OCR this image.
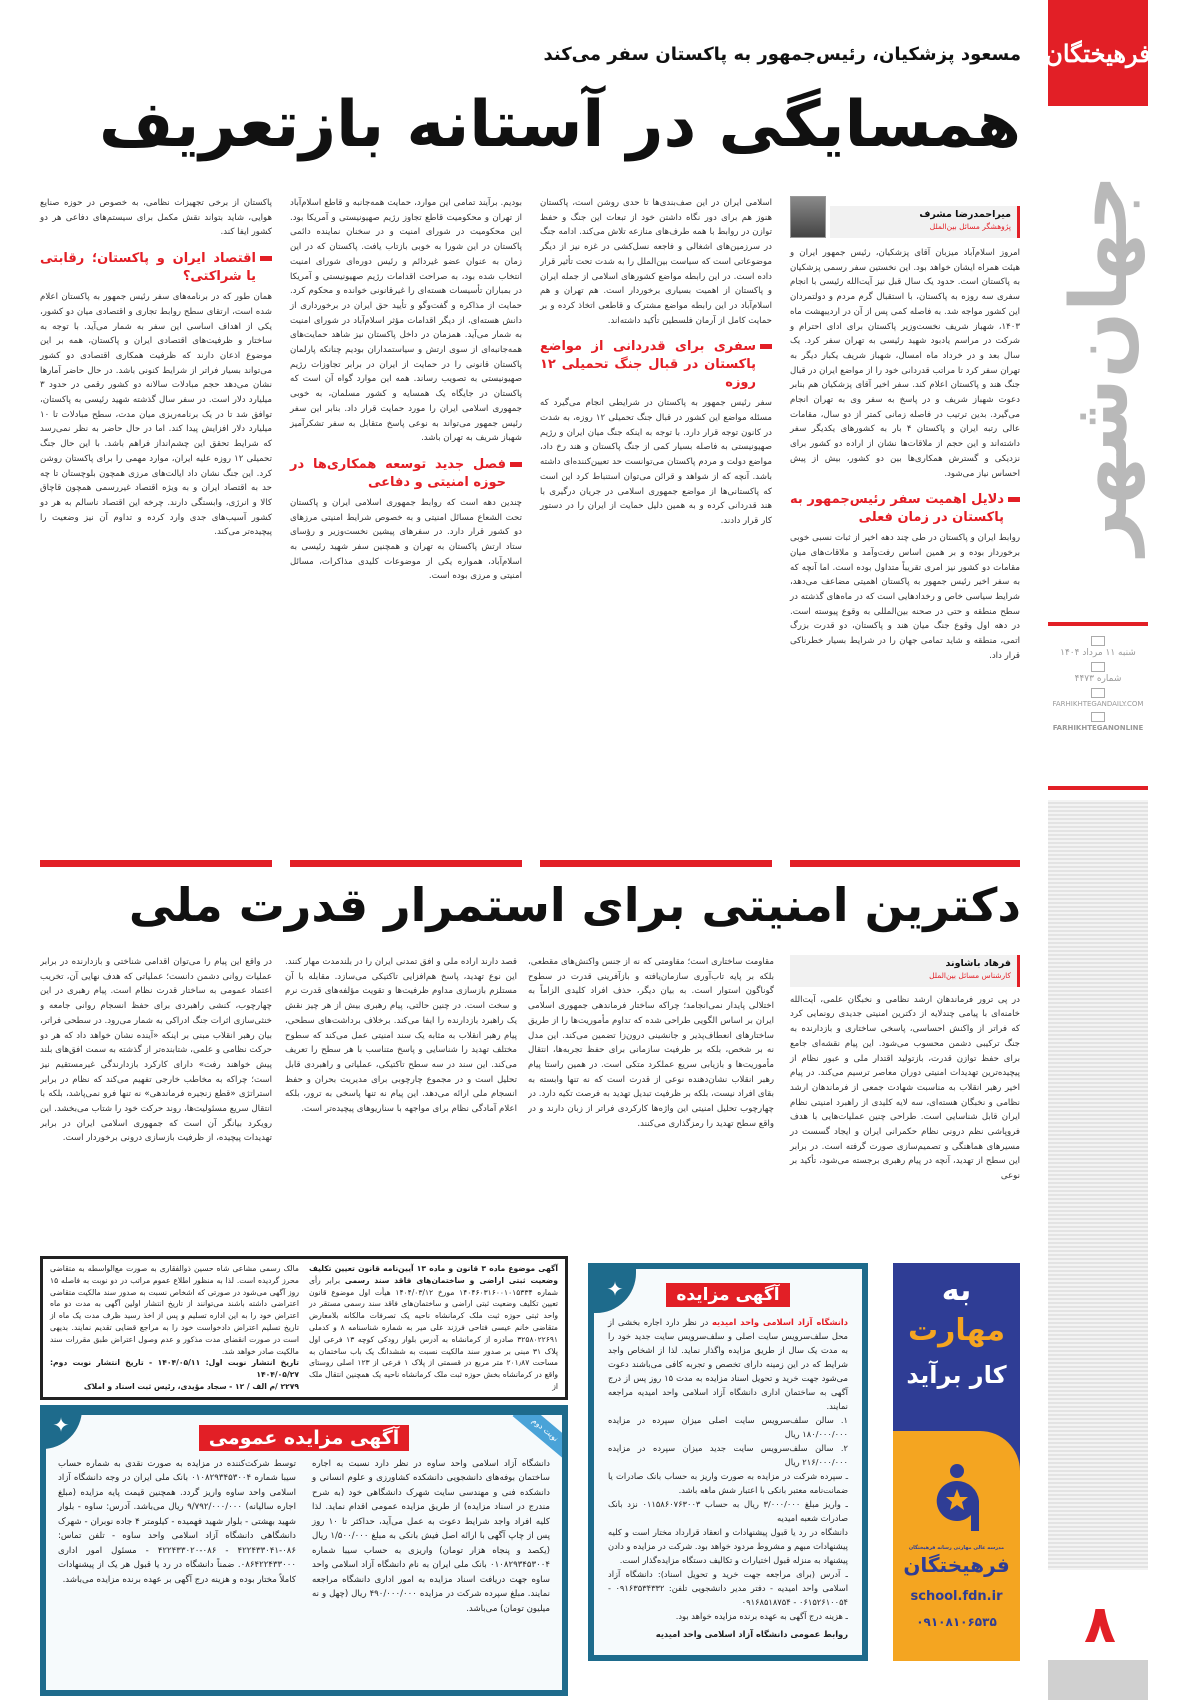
فرهیختگان
جهان‌شهر
شنبه ۱۱ مرداد ۱۴۰۴
شماره ۴۴۷۳
FARHIKHTEGANDAILY.COM
FARHIKHTEGANONLINE
۸
مسعود پزشکیان، رئیس‌جمهور به پاکستان سفر می‌کند
همسایگی در آستانه بازتعریف
میراحمدرضا مشرف
پژوهشگر مسائل بین‌الملل

امروز اسلام‌آباد میزبان آقای پزشکیان، رئیس جمهور ایران و هیئت همراه ایشان خواهد بود. این نخستین سفر رسمی پزشکیان به پاکستان است. حدود یک سال قبل نیز آیت‌الله رئیسی با انجام سفری سه روزه به پاکستان، با استقبال گرم مردم و دولتمردان این کشور مواجه شد. به فاصله کمی پس از آن در اردیبهشت ماه ۱۴۰۳، شهباز شریف نخست‌وزیر پاکستان برای ادای احترام و شرکت در مراسم یادبود شهید رئیسی به تهران سفر کرد. یک سال بعد و در خرداد ماه امسال، شهباز شریف یکبار دیگر به تهران سفر کرد تا مراتب قدردانی خود را از مواضع ایران در قبال جنگ هند و پاکستان اعلام کند. سفر اخیر آقای پزشکیان هم بنابر دعوت شهباز شریف و در پاسخ به سفر وی به تهران انجام می‌گیرد. بدین ترتیب در فاصله زمانی کمتر از دو سال، مقامات عالی رتبه ایران و پاکستان ۴ بار به کشورهای یکدیگر سفر داشته‌اند و این حجم از ملاقات‌ها نشان از اراده دو کشور برای نزدیکی و گسترش همکاری‌ها بین دو کشور، بیش از پیش احساس نیاز می‌شود.

دلایل اهمیت سفر رئیس‌جمهور به پاکستان در زمان فعلی

روابط ایران و پاکستان در طی چند دهه اخیر از ثبات نسبی خوبی برخوردار بوده و بر همین اساس رفت‌وآمد و ملاقات‌های میان مقامات دو کشور نیز امری تقریباً متداول بوده است. اما آنچه که به سفر اخیر رئیس جمهور به پاکستان اهمیتی مضاعف می‌دهد، شرایط سیاسی خاص و رخدادهایی است که در ماه‌های گذشته در سطح منطقه و حتی در صحنه بین‌المللی به وقوع پیوسته است. در دهه اول وقوع جنگ میان هند و پاکستان، دو قدرت بزرگ اتمی، منطقه و شاید تمامی جهان را در شرایط بسیار خطرناکی قرار داد.

اسلامی ایران در این صف‌بندی‌ها تا حدی روشن است، پاکستان هنوز هم برای دور نگاه داشتن خود از تبعات این جنگ و حفظ توازن در روابط با همه طرف‌های منازعه تلاش می‌کند. ادامه جنگ در سرزمین‌های اشغالی و فاجعه نسل‌کشی در غزه نیز از دیگر موضوعاتی است که سیاست بین‌الملل را به شدت تحت تأثیر قرار داده است. در این رابطه مواضع کشورهای اسلامی از جمله ایران و پاکستان از اهمیت بسیاری برخوردار است. هم تهران و هم اسلام‌آباد در این رابطه مواضع مشترک و قاطعی اتخاذ کرده و بر حمایت کامل از آرمان فلسطین تأکید داشته‌اند.

سفری برای قدردانی از مواضع پاکستان در قبال جنگ تحمیلی ۱۲ روزه

سفر رئیس جمهور به پاکستان در شرایطی انجام می‌گیرد که مسئله مواضع این کشور در قبال جنگ تحمیلی ۱۲ روزه، به شدت در کانون توجه قرار دارد. با توجه به اینکه جنگ میان ایران و رژیم صهیونیستی به فاصله بسیار کمی از جنگ پاکستان و هند رخ داد، مواضع دولت و مردم پاکستان می‌توانست حد تعیین‌کننده‌ای داشته باشد. آنچه که از شواهد و قرائن می‌توان استنباط کرد این است که پاکستانی‌ها از مواضع جمهوری اسلامی در جریان درگیری با هند قدردانی کرده و به همین دلیل حمایت از ایران را در دستور کار قرار دادند.

بودیم. برآیند تمامی این موارد، حمایت همه‌جانبه و قاطع اسلام‌آباد از تهران و محکومیت قاطع تجاوز رژیم صهیونیستی و آمریکا بود. این محکومیت در شورای امنیت و در سخنان نماینده دائمی پاکستان در این شورا به خوبی بازتاب یافت. پاکستان که در این زمان به عنوان عضو غیردائم و رئیس دوره‌ای شورای امنیت انتخاب شده بود، به صراحت اقدامات رژیم صهیونیستی و آمریکا در بمباران تأسیسات هسته‌ای را غیرقانونی خوانده و محکوم کرد. حمایت از مذاکره و گفت‌وگو و تأیید حق ایران در برخورداری از دانش هسته‌ای، از دیگر اقدامات مؤثر اسلام‌آباد در شورای امنیت به شمار می‌آید. همزمان در داخل پاکستان نیز شاهد حمایت‌های همه‌جانبه‌ای از سوی ارتش و سیاستمداران بودیم چنانکه پارلمان پاکستان قانونی را در حمایت از ایران در برابر تجاوزات رژیم صهیونیستی به تصویب رساند. همه این موارد گواه آن است که پاکستان در جایگاه یک همسایه و کشور مسلمان، به خوبی جمهوری اسلامی ایران را مورد حمایت قرار داد. بنابر این سفر رئیس جمهور می‌تواند به نوعی پاسخ متقابل به سفر تشکرآمیز شهباز شریف به تهران باشد.

فصل جدید توسعه همکاری‌ها در حوزه امنیتی و دفاعی

چندین دهه است که روابط جمهوری اسلامی ایران و پاکستان تحت الشعاع مسائل امنیتی و به خصوص شرایط امنیتی مرزهای دو کشور قرار دارد. در سفرهای پیشین نخست‌وزیر و رؤسای ستاد ارتش پاکستان به تهران و همچنین سفر شهید رئیسی به اسلام‌آباد، همواره یکی از موضوعات کلیدی مذاکرات، مسائل امنیتی و مرزی بوده است.

پاکستان از برخی تجهیزات نظامی، به خصوص در حوزه صنایع هوایی، شاید بتواند نقش مکمل برای سیستم‌های دفاعی هر دو کشور ایفا کند.

اقتصاد ایران و پاکستان؛ رقابتی یا شراکتی؟

همان طور که در برنامه‌های سفر رئیس جمهور به پاکستان اعلام شده است، ارتقای سطح روابط تجاری و اقتصادی میان دو کشور، یکی از اهداف اساسی این سفر به شمار می‌آید. با توجه به ساختار و ظرفیت‌های اقتصادی ایران و پاکستان، همه بر این موضوع اذعان دارند که ظرفیت همکاری اقتصادی دو کشور می‌تواند بسیار فراتر از شرایط کنونی باشد. در حال حاضر آمارها نشان می‌دهد حجم مبادلات سالانه دو کشور رقمی در حدود ۳ میلیارد دلار است. در سفر سال گذشته شهید رئیسی به پاکستان، توافق شد تا در یک برنامه‌ریزی میان مدت، سطح مبادلات تا ۱۰ میلیارد دلار افزایش پیدا کند. اما در حال حاضر به نظر نمی‌رسد که شرایط تحقق این چشم‌انداز فراهم باشد. با این حال جنگ تحمیلی ۱۲ روزه علیه ایران، موارد مهمی را برای پاکستان روشن کرد. این جنگ نشان داد ایالت‌های مرزی همچون بلوچستان تا چه حد به اقتصاد ایران و به ویژه اقتصاد غیررسمی همچون قاچاق کالا و انرژی، وابستگی دارند. چرخه این اقتصاد ناسالم به هر دو کشور آسیب‌های جدی وارد کرده و تداوم آن نیز وضعیت را پیچیده‌تر می‌کند.

دکترین امنیتی برای استمرار قدرت ملی
فرهاد باشاوند
کارشناس مسائل بین‌الملل

در پی ترور فرماندهان ارشد نظامی و نخبگان علمی، آیت‌الله خامنه‌ای با پیامی چندلایه از دکترین امنیتی جدیدی رونمایی کرد که فراتر از واکنش احساسی، پاسخی ساختاری و بازدارنده به جنگ ترکیبی دشمن محسوب می‌شود. این پیام نقشه‌ای جامع برای حفظ توازن قدرت، بازتولید اقتدار ملی و عبور نظام از پیچیده‌ترین تهدیدات امنیتی دوران معاصر ترسیم می‌کند. در پیام اخیر رهبر انقلاب به مناسبت شهادت جمعی از فرماندهان ارشد نظامی و نخبگان هسته‌ای، سه لایه کلیدی از راهبرد امنیتی نظام ایران قابل شناسایی است. طراحی چنین عملیات‌هایی با هدف فروپاشی نظم درونی نظام حکمرانی ایران و ایجاد گسست در مسیرهای هماهنگی و تصمیم‌سازی صورت گرفته است. در برابر این سطح از تهدید، آنچه در پیام رهبری برجسته می‌شود، تأکید بر نوعی

مقاومت ساختاری است؛ مقاومتی که نه از جنس واکنش‌های مقطعی، بلکه بر پایه تاب‌آوری سازمان‌یافته و بازآفرینی قدرت در سطوح گوناگون استوار است. به بیان دیگر، حذف افراد کلیدی الزاماً به اختلالی پایدار نمی‌انجامد؛ چراکه ساختار فرماندهی جمهوری اسلامی ایران بر اساس الگویی طراحی شده که تداوم مأموریت‌ها را از طریق ساختارهای انعطاف‌پذیر و جانشینی درون‌زا تضمین می‌کند. این مدل نه بر شخص، بلکه بر ظرفیت سازمانی برای حفظ تجربه‌ها، انتقال مأموریت‌ها و بازیابی سریع عملکرد متکی است. در همین راستا پیام رهبر انقلاب نشان‌دهنده نوعی از قدرت است که نه تنها وابسته به بقای افراد نیست، بلکه بر ظرفیت تبدیل تهدید به فرصت تکیه دارد. در چهارچوب تحلیل امنیتی این واژه‌ها کارکردی فراتر از زبان دارند و در واقع سطح تهدید را رمزگذاری می‌کنند.

قصد دارند اراده ملی و افق تمدنی ایران را در بلندمدت مهار کنند. این نوع تهدید، پاسخ هم‌افزایی تاکتیکی می‌سازد. مقابله با آن مستلزم بازسازی مداوم ظرفیت‌ها و تقویت مؤلفه‌های قدرت نرم و سخت است. در چنین حالتی، پیام رهبری بیش از هر چیز نقش یک راهبرد بازدارنده را ایفا می‌کند. برخلاف برداشت‌های سطحی، پیام رهبر انقلاب به مثابه یک سند امنیتی عمل می‌کند که سطوح مختلف تهدید را شناسایی و پاسخ متناسب با هر سطح را تعریف می‌کند. این سند در سه سطح تاکتیکی، عملیاتی و راهبردی قابل تحلیل است و در مجموع چارچوبی برای مدیریت بحران و حفظ انسجام ملی ارائه می‌دهد. این پیام نه تنها پاسخی به ترور، بلکه اعلام آمادگی نظام برای مواجهه با سناریوهای پیچیده‌تر است.

در واقع این پیام را می‌توان اقدامی شناختی و بازدارنده در برابر عملیات روانی دشمن دانست؛ عملیاتی که هدف نهایی آن، تخریب اعتماد عمومی به ساختار قدرت نظام است. پیام رهبری در این چهارچوب، کنشی راهبردی برای حفظ انسجام روانی جامعه و خنثی‌سازی اثرات جنگ ادراکی به شمار می‌رود. در سطحی فراتر، بیان رهبر انقلاب مبنی بر اینکه «آینده نشان خواهد داد که هر دو حرکت نظامی و علمی، شتابنده‌تر از گذشته به سمت افق‌های بلند پیش خواهند رفت» دارای کارکرد بازدارندگی غیرمستقیم نیز است؛ چراکه به مخاطب خارجی تفهیم می‌کند که نظام در برابر استراتژی «قطع زنجیره فرماندهی» نه تنها فرو نمی‌پاشد، بلکه با انتقال سریع مسئولیت‌ها، روند حرکت خود را شتاب می‌بخشد. این رویکرد بیانگر آن است که جمهوری اسلامی ایران در برابر تهدیدات پیچیده، از ظرفیت بازسازی درونی برخوردار است.

به
مهارت
کار برآید
مدرسه عالی مهارتی رسانه فرهیختگان
فرهیختگان
school.fdn.ir
۰۹۱۰۸۱۰۶۵۳۵
✦	آگهی مزایده

دانشگاه آزاد اسلامی واحد امیدیه در نظر دارد اجاره بخشی از محل سلف‌سرویس سایت اصلی و سلف‌سرویس سایت جدید خود را به مدت یک سال از طریق مزایده واگذار نماید. لذا از اشخاص واجد شرایط که در این زمینه دارای تخصص و تجربه کافی می‌باشند دعوت می‌شود جهت خرید و تحویل اسناد مزایده به مدت ۱۵ روز پس از درج آگهی به ساختمان اداری دانشگاه آزاد اسلامی واحد امیدیه مراجعه نمایند.

۱. سالن سلف‌سرویس سایت اصلی میزان سپرده در مزایده ۱۸۰/۰۰۰/۰۰۰ ریال

۲. سالن سلف‌سرویس سایت جدید میزان سپرده در مزایده ۲۱۶/۰۰۰/۰۰۰ ریال

ـ سپرده شرکت در مزایده به صورت واریز به حساب بانک صادرات یا ضمانت‌نامه معتبر بانکی با اعتبار شش ماهه باشد.

ـ واریز مبلغ ۳/۰۰۰/۰۰۰ ریال به حساب ۰۱۱۵۸۶۰۷۶۳۰۰۳ نزد بانک صادرات شعبه امیدیه

دانشگاه در رد یا قبول پیشنهادات و انعقاد قرارداد مختار است و کلیه پیشنهادات مبهم و مشروط مردود خواهد بود. شرکت در مزایده و دادن پیشنهاد به منزله قبول اختیارات و تکالیف دستگاه مزایده‌گذار است.

ـ آدرس (برای مراجعه جهت خرید و تحویل اسناد): دانشگاه آزاد اسلامی واحد امیدیه - دفتر مدیر دانشجویی تلفن: ۰۹۱۶۳۵۳۴۳۳۲ - ۰۶۱۵۲۶۱۰۰۵۴ - ۰۹۱۶۸۵۱۸۷۵۴

ـ هزینه درج آگهی به عهده برنده مزایده خواهد بود.

روابط عمومی دانشگاه آزاد اسلامی واحد امیدیه

آگهی موضوع ماده ۳ قانون و ماده ۱۳ آیین‌نامه قانون تعیین تکلیف وضعیت ثبتی اراضی و ساختمان‌های فاقد سند رسمی برابر رأی شماره ۱۴۰۴۶۰۳۱۶۰۰۱۰۱۵۳۳۴ مورخ ۱۴۰۴/۰۳/۱۲ هیأت اول موضوع قانون تعیین تکلیف وضعیت ثبتی اراضی و ساختمان‌های فاقد سند رسمی مستقر در واحد ثبتی حوزه ثبت ملک کرمانشاه ناحیه یک تصرفات مالکانه بلامعارض متقاضی خانم عیسی فتاحی فرزند علی میر به شماره شناسنامه ۸ و کدملی ۳۲۵۸۰۲۲۶۹۱ صادره از کرمانشاه به آدرس بلوار رودکی کوچه ۱۳ فرعی اول پلاک ۳۱ مبنی بر صدور سند مالکیت نسبت به ششدانگ یک باب ساختمان به مساحت ۲۰۱٫۸۷ متر مربع در قسمتی از پلاک ۱ فرعی از ۱۲۳ اصلی روستای واقع در کرمانشاه بخش حوزه ثبت ملک کرمانشاه ناحیه یک همچنین انتقال ملک از
مالک رسمی مشاعی شاه حسین ذوالفقاری به صورت مع‌الواسطه به متقاضی محرز گردیده است. لذا به منظور اطلاع عموم مراتب در دو نوبت به فاصله ۱۵ روز آگهی می‌شود در صورتی که اشخاص نسبت به صدور سند مالکیت متقاضی اعتراضی داشته باشند می‌توانند از تاریخ انتشار اولین آگهی به مدت دو ماه اعتراض خود را به این اداره تسلیم و پس از اخذ رسید ظرف مدت یک ماه از تاریخ تسلیم اعتراض دادخواست خود را به مراجع قضایی تقدیم نمایند. بدیهی است در صورت انقضای مدت مذکور و عدم وصول اعتراض طبق مقررات سند مالکیت صادر خواهد شد.
تاریخ انتشار نوبت اول: ۱۴۰۴/۰۵/۱۱ - تاریخ انتشار نوبت دوم: ۱۴۰۴/۰۵/۲۷
۲۲۷۹ /م الف / ۱۲ - سجاد مؤیدی، رئیس ثبت اسناد و املاک
✦	نوبت دوم
آگهی مزایده عمومی

دانشگاه آزاد اسلامی واحد ساوه در نظر دارد نسبت به اجاره ساختمان بوفه‌های دانشجویی دانشکده کشاورزی و علوم انسانی و دانشکده فنی و مهندسی سایت شهرک دانشگاهی خود (به شرح مندرج در اسناد مزایده) از طریق مزایده عمومی اقدام نماید. لذا کلیه افراد واجد شرایط دعوت به عمل می‌آید، حداکثر تا ۱۰ روز پس از چاپ آگهی با ارائه اصل فیش بانکی به مبلغ ۱/۵۰۰/۰۰۰ ریال (یکصد و پنجاه هزار تومان) واریزی به حساب سیبا شماره ۰۱۰۸۲۹۳۴۵۳۰۰۴ بانک ملی ایران به نام دانشگاه آزاد اسلامی واحد ساوه جهت دریافت اسناد مزایده به امور اداری دانشگاه مراجعه نمایند. مبلغ سپرده شرکت در مزایده ۴۹۰/۰۰۰/۰۰۰ ریال (چهل و نه میلیون تومان) می‌باشد.

توسط شرکت‌کننده در مزایده به صورت نقدی به شماره حساب سیبا شماره ۰۱۰۸۲۹۳۴۵۳۰۰۴ بانک ملی ایران در وجه دانشگاه آزاد اسلامی واحد ساوه واریز گردد. همچنین قیمت پایه مزایده (مبلغ اجاره سالیانه) ۹/۷۹۲/۰۰۰/۰۰۰ ریال می‌باشد. آدرس: ساوه - بلوار شهید بهشتی - بلوار شهید فهمیده - کیلومتر ۴ جاده نوبران - شهرک دانشگاهی دانشگاه آزاد اسلامی واحد ساوه - تلفن تماس: ۰۸۶-۴۲۲۴۳۳۰۴۱ - ۰۸۶-۴۲۲۴۳۳۰۲۰ - مسئول امور اداری ۰۸۶۴۲۲۴۳۳۰۰۰. ضمناً دانشگاه در رد یا قبول هر یک از پیشنهادات کاملاً مختار بوده و هزینه درج آگهی بر عهده برنده مزایده می‌باشد.
